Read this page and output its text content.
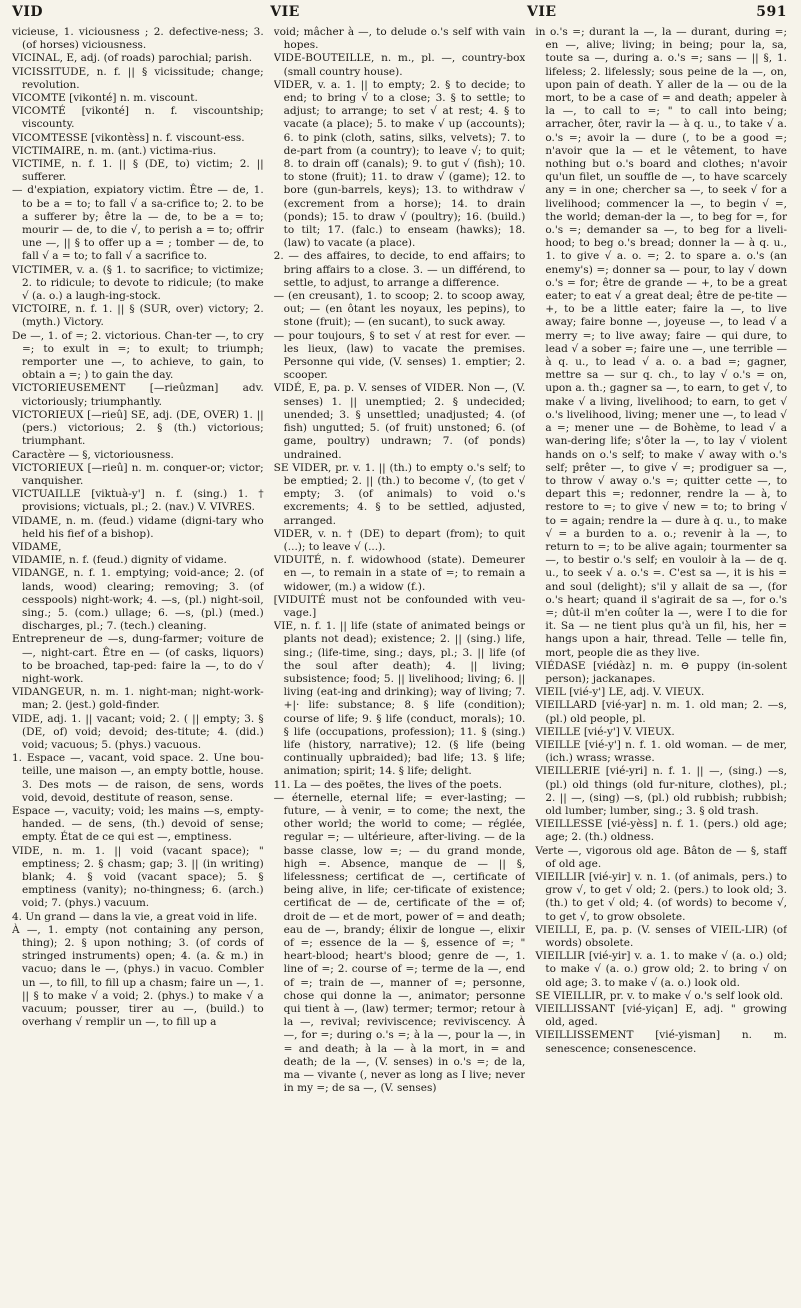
VID	VIE	VIE	591

vicieuse, 1. viciousness ; 2. defective-ness; 3. (of horses) viciousness.

VICINAL, E, adj. (of roads) parochial; parish.

VICISSITUDE, n. f. || § vicissitude; change; revolution.

VICOMTE [vikonté] n. m. viscount.

VICOMTÉ [vikonté] n. f. viscountship; viscounty.

VICOMTESSE [vikontèss] n. f. viscount-ess.

VICTIMAIRE, n. m. (ant.) victima-rius.

VICTIME, n. f. 1. || § (DE, to) victim; 2. || sufferer.

— d'expiation, expiatory victim. Être — de, 1. to be a = to; to fall √ a sa-crifice to; 2. to be a sufferer by; être la — de, to be a = to; mourir — de, to die √, to perish a = to; offrir une —, || § to offer up a = ; tomber — de, to fall √ a = to; to fall √ a sacrifice to.

VICTIMER, v. a. (§ 1. to sacrifice; to victimize; 2. to ridicule; to devote to ridicule; (to make √ (a. o.) a laugh-ing-stock.

VICTOIRE, n. f. 1. || § (SUR, over) victory; 2. (myth.) Victory.

De —, 1. of =; 2. victorious. Chan-ter —, to cry =; to exult in =; to exult; to triumph; remporter une —, to achieve, to gain, to obtain a =; ) to gain the day.

VICTORIEUSEMENT [—rieûzman] adv. victoriously; triumphantly.

VICTORIEUX [—rieû] SE, adj. (DE, OVER) 1. || (pers.) victorious; 2. § (th.) victorious; triumphant.

Caractère — §, victoriousness.

VICTORIEUX [—rieû] n. m. conquer-or; victor; vanquisher.

VICTUAILLE [viktuà-y'] n. f. (sing.) 1. † provisions; victuals, pl.; 2. (nav.) V. VIVRES.

VIDAME, n. m. (feud.) vidame (digni-tary who held his fief of a bishop).

VIDAME,

VIDAMIE, n. f. (feud.) dignity of vidame.

VIDANGE, n. f. 1. emptying; void-ance; 2. (of lands, wood) clearing; removing; 3. (of cesspools) night-work; 4. —s, (pl.) night-soil, sing.; 5. (com.) ullage; 6. —s, (pl.) (med.) discharges, pl.; 7. (tech.) cleaning.

Entrepreneur de —s, dung-farmer; voiture de —, night-cart. Être en — (of casks, liquors) to be broached, tap-ped: faire la —, to do √ night-work.

VIDANGEUR, n. m. 1. night-man; night-work-man; 2. (jest.) gold-finder.

VIDE, adj. 1. || vacant; void; 2. ( || empty; 3. § (DE, of) void; devoid; des-titute; 4. (did.) void; vacuous; 5. (phys.) vacuous.

1. Espace —, vacant, void space. 2. Une bou-teille, une maison —, an empty bottle, house. 3. Des mots — de raison, de sens, words void, devoid, destitute of reason, sense.

Espace —, vacuity; void; les mains —s, empty-handed. — de sens, (th.) devoid of sense; empty. État de ce qui est —, emptiness.

VIDE, n. m. 1. || void (vacant space); " emptiness; 2. § chasm; gap; 3. || (in writing) blank; 4. § void (vacant space); 5. § emptiness (vanity); no-thingness; 6. (arch.) void; 7. (phys.) vacuum.

4. Un grand — dans la vie, a great void in life.

À —, 1. empty (not containing any person, thing); 2. § upon nothing; 3. (of cords of stringed instruments) open; 4. (a. & m.) in vacuo; dans le —, (phys.) in vacuo. Combler un —, to fill, to fill up a chasm; faire un —, 1. || § to make √ a void; 2. (phys.) to make √ a vacuum; pousser, tirer au —, (build.) to overhang √ remplir un —, to fill up a

void; mâcher à —, to delude o.'s self with vain hopes.

VIDE-BOUTEILLE, n. m., pl. —, country-box (small country house).

VIDER, v. a. 1. || to empty; 2. § to decide; to end; to bring √ to a close; 3. § to settle; to adjust; to arrange; to set √ at rest; 4. § to vacate (a place); 5. to make √ up (accounts); 6. to pink (cloth, satins, silks, velvets); 7. to de-part from (a country); to leave √; to quit; 8. to drain off (canals); 9. to gut √ (fish); 10. to stone (fruit); 11. to draw √ (game); 12. to bore (gun-barrels, keys); 13. to withdraw √ (excrement from a horse); 14. to drain (ponds); 15. to draw √ (poultry); 16. (build.) to tilt; 17. (falc.) to enseam (hawks); 18. (law) to vacate (a place).

2. — des affaires, to decide, to end affairs; to bring affairs to a close. 3. — un différend, to settle, to adjust, to arrange a difference.

— (en creusant), 1. to scoop; 2. to scoop away, out; — (en ôtant les noyaux, les pepins), to stone (fruit); — (en sucant), to suck away.

— pour toujours, § to set √ at rest for ever. — les lieux, (law) to vacate the premises. Personne qui vide, (V. senses) 1. emptier; 2. scooper.

VIDÉ, E, pa. p. V. senses of VIDER. Non —, (V. senses) 1. || unemptied; 2. § undecided; unended; 3. § unsettled; unadjusted; 4. (of fish) ungutted; 5. (of fruit) unstoned; 6. (of game, poultry) undrawn; 7. (of ponds) undrained.

SE VIDER, pr. v. 1. || (th.) to empty o.'s self; to be emptied; 2. || (th.) to become √, (to get √ empty; 3. (of animals) to void o.'s excrements; 4. § to be settled, adjusted, arranged.

VIDER, v. n. † (DE) to depart (from); to quit (...); to leave √ (...).

VIDUITÉ, n. f. widowhood (state). Demeurer en —, to remain in a state of =; to remain a widower, (m.) a widow (f.).

[VIDUITÉ must not be confounded with veu-vage.]

VIE, n. f. 1. || life (state of animated beings or plants not dead); existence; 2. || (sing.) life, sing.; (life-time, sing.; days, pl.; 3. || life (of the soul after death); 4. || living; subsistence; food; 5. || livelihood; living; 6. || living (eat-ing and drinking); way of living; 7. +|· life: substance; 8. § life (condition); course of life; 9. § life (conduct, morals); 10. § life (occupations, profession); 11. § (sing.) life (history, narrative); 12. (§ life (being continually upbraided); bad life; 13. § life; animation; spirit; 14. § life; delight.

11. La — des poëtes, the lives of the poets.

— éternelle, eternal life; = ever-lasting; — future, — à venir, = to come; the next, the other world; the world to come; — réglée, regular =; — ultérieure, after-living. — de la basse classe, low =; — du grand monde, high =. Absence, manque de — || §, lifelessness; certificat de —, certificate of being alive, in life; cer-tificate of existence; certificat de — de, certificate of the = of; droit de — et de mort, power of = and death; eau de —, brandy; élixir de longue —, elixir of =; essence de la — §, essence of =; " heart-blood; heart's blood; genre de —, 1. line of =; 2. course of =; terme de la —, end of =; train de —, manner of =; personne, chose qui donne la —, animator; personne qui tient à —, (law) termer; termor; retour à la —, revival; reviviscence; reviviscency. À —, for =; during o.'s =; à la —, pour la —, in = and death; à la — à la mort, in = and death; de la —, (V. senses) in o.'s =; de la, ma — vivante (, never as long as I live; never in my =; de sa —, (V. senses)

in o.'s =; durant la —, la — durant, during =; en —, alive; living; in being; pour la, sa, toute sa —, during a. o.'s =; sans — || §, 1. lifeless; 2. lifelessly; sous peine de la —, on, upon pain of death. Y aller de la — ou de la mort, to be a case of = and death; appeler à la —, to call to =; " to call into being; arracher, ôter, ravir la — à q. u., to take √ a. o.'s =; avoir la — dure (, to be a good =; n'avoir que la — et le vêtement, to have nothing but o.'s board and clothes; n'avoir qu'un filet, un souffle de —, to have scarcely any = in one; chercher sa —, to seek √ for a livelihood; commencer la —, to begin √ =, the world; deman-der la —, to beg for =, for o.'s =; demander sa —, to beg for a liveli-hood; to beg o.'s bread; donner la — à q. u., 1. to give √ a. o. =; 2. to spare a. o.'s (an enemy's) =; donner sa — pour, to lay √ down o.'s = for; être de grande — +, to be a great eater; to eat √ a great deal; être de pe-tite — +, to be a little eater; faire la —, to live away; faire bonne —, joyeuse —, to lead √ a merry =; to live away; faire — qui dure, to lead √ a sober =; faire une —, une terrible — à q. u., to lead √ a. o. a bad =; gagner, mettre sa — sur q. ch., to lay √ o.'s = on, upon a. th.; gagner sa —, to earn, to get √, to make √ a living, livelihood; to earn, to get √ o.'s livelihood, living; mener une —, to lead √ a =; mener une — de Bohème, to lead √ a wan-dering life; s'ôter la —, to lay √ violent hands on o.'s self; to make √ away with o.'s self; prêter —, to give √ =; prodiguer sa —, to throw √ away o.'s =; quitter cette —, to depart this =; redonner, rendre la — à, to restore to =; to give √ new = to; to bring √ to = again; rendre la — dure à q. u., to make √ = a burden to a. o.; revenir à la —, to return to =; to be alive again; tourmenter sa —, to bestir o.'s self; en vouloir à la — de q. u., to seek √ a. o.'s =. C'est sa —, it is his = and soul (delight); s'il y allait de sa —, (for o.'s heart; quand il s'agirait de sa —, for o.'s =; dût-il m'en coûter la —, were I to die for it. Sa — ne tient plus qu'à un fil, his, her = hangs upon a hair, thread. Telle — telle fin, mort, people die as they live.

VIÉDASE [viédàz] n. m. ⊖ puppy (in-solent person); jackanapes.

VIEIL [vié-y'] LE, adj. V. VIEUX.

VIEILLARD [vié-yar] n. m. 1. old man; 2. —s, (pl.) old people, pl.

VIEILLE [vié-y'] V. VIEUX.

VIEILLE [vié-y'] n. f. 1. old woman. — de mer, (ich.) wrass; wrasse.

VIEILLERIE [vié-yri] n. f. 1. || —, (sing.) —s, (pl.) old things (old fur-niture, clothes), pl.; 2. || —, (sing) —s, (pl.) old rubbish; rubbish; old lumber; lumber, sing.; 3. § old trash.

VIEILLESSE [vié-yèss] n. f. 1. (pers.) old age; age; 2. (th.) oldness.

Verte —, vigorous old age. Bâton de — §, staff of old age.

VIEILLIR [vié-yir] v. n. 1. (of animals, pers.) to grow √, to get √ old; 2. (pers.) to look old; 3. (th.) to get √ old; 4. (of words) to become √, to get √, to grow obsolete.

VIEILLI, E, pa. p. (V. senses of VIEIL-LIR) (of words) obsolete.

VIEILLIR [vié-yir] v. a. 1. to make √ (a. o.) old; to make √ (a. o.) grow old; 2. to bring √ on old age; 3. to make √ (a. o.) look old.

SE VIEILLIR, pr. v. to make √ o.'s self look old.

VIEILLISSANT [vié-yiçan] E, adj. " growing old, aged.

VIEILLISSEMENT [vié-yisman] n. m. senescence; consenescence.
